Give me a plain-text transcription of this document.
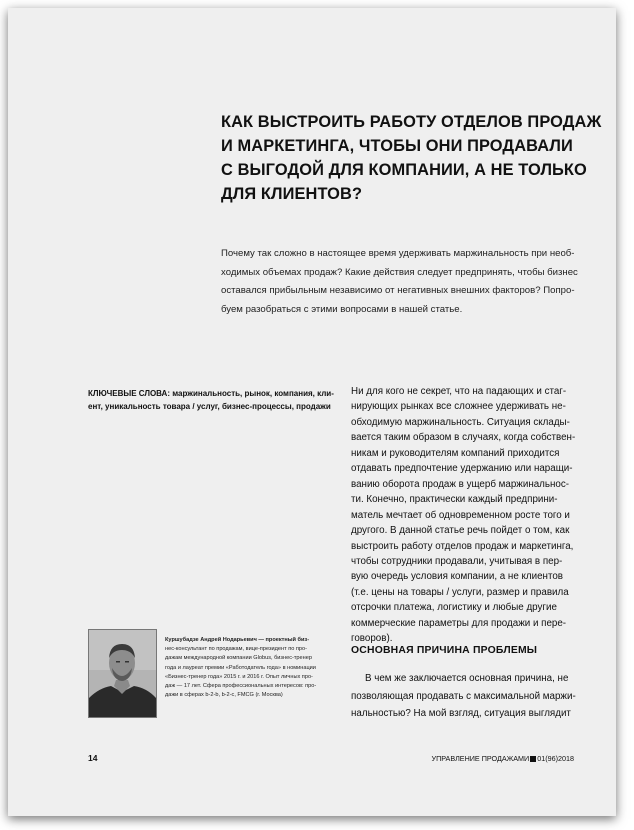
КАК ВЫСТРОИТЬ РАБОТУ ОТДЕЛОВ ПРОДАЖ
И МАРКЕТИНГА, ЧТОБЫ ОНИ ПРОДАВАЛИ
С ВЫГОДОЙ ДЛЯ КОМПАНИИ, А НЕ ТОЛЬКО
ДЛЯ КЛИЕНТОВ?
Почему так сложно в настоящее время удерживать маржинальность при необ-
ходимых объемах продаж? Какие действия следует предпринять, чтобы бизнес
оставался прибыльным независимо от негативных внешних факторов? Попро-
буем разобраться с этими вопросами в нашей статье.
КЛЮЧЕВЫЕ СЛОВА: маржинальность, рынок, компания, кли-
ент, уникальность товара / услуг, бизнес-процессы, продажи
Ни для кого не секрет, что на падающих и стаг-
нирующих рынках все сложнее удерживать не-
обходимую маржинальность. Ситуация склады-
вается таким образом в случаях, когда собствен-
никам и руководителям компаний приходится
отдавать предпочтение удержанию или наращи-
ванию оборота продаж в ущерб маржинальнос-
ти. Конечно, практически каждый предприни-
матель мечтает об одновременном росте того и
другого. В данной статье речь пойдет о том, как
выстроить работу отделов продаж и маркетинга,
чтобы сотрудники продавали, учитывая в пер-
вую очередь условия компании, а не клиентов
(т.е. цены на товары / услуги, размер и правила
отсрочки платежа, логистику и любые другие
коммерческие параметры для продажи и пере-
говоров).
ОСНОВНАЯ ПРИЧИНА ПРОБЛЕМЫ
В чем же заключается основная причина, не
позволяющая продавать с максимальной маржи-
нальностью? На мой взгляд, ситуация выглядит
Куршубадзе Андрей Нодарьевич — проектный биз-
нес-консультант по продажам, вице-президент по про-
дажам международной компании Globus, бизнес-тренер
года и лауреат премии «Работодатель года» в номинации
«Бизнес-тренер года» 2015 г. и 2016 г. Опыт личных про-
даж — 17 лет. Сфера профессиональных интересов: про-
дажи в сферах b-2-b, b-2-c, FMCG (г. Москва)
14	УПРАВЛЕНИЕ ПРОДАЖАМИ 01(96)2018
